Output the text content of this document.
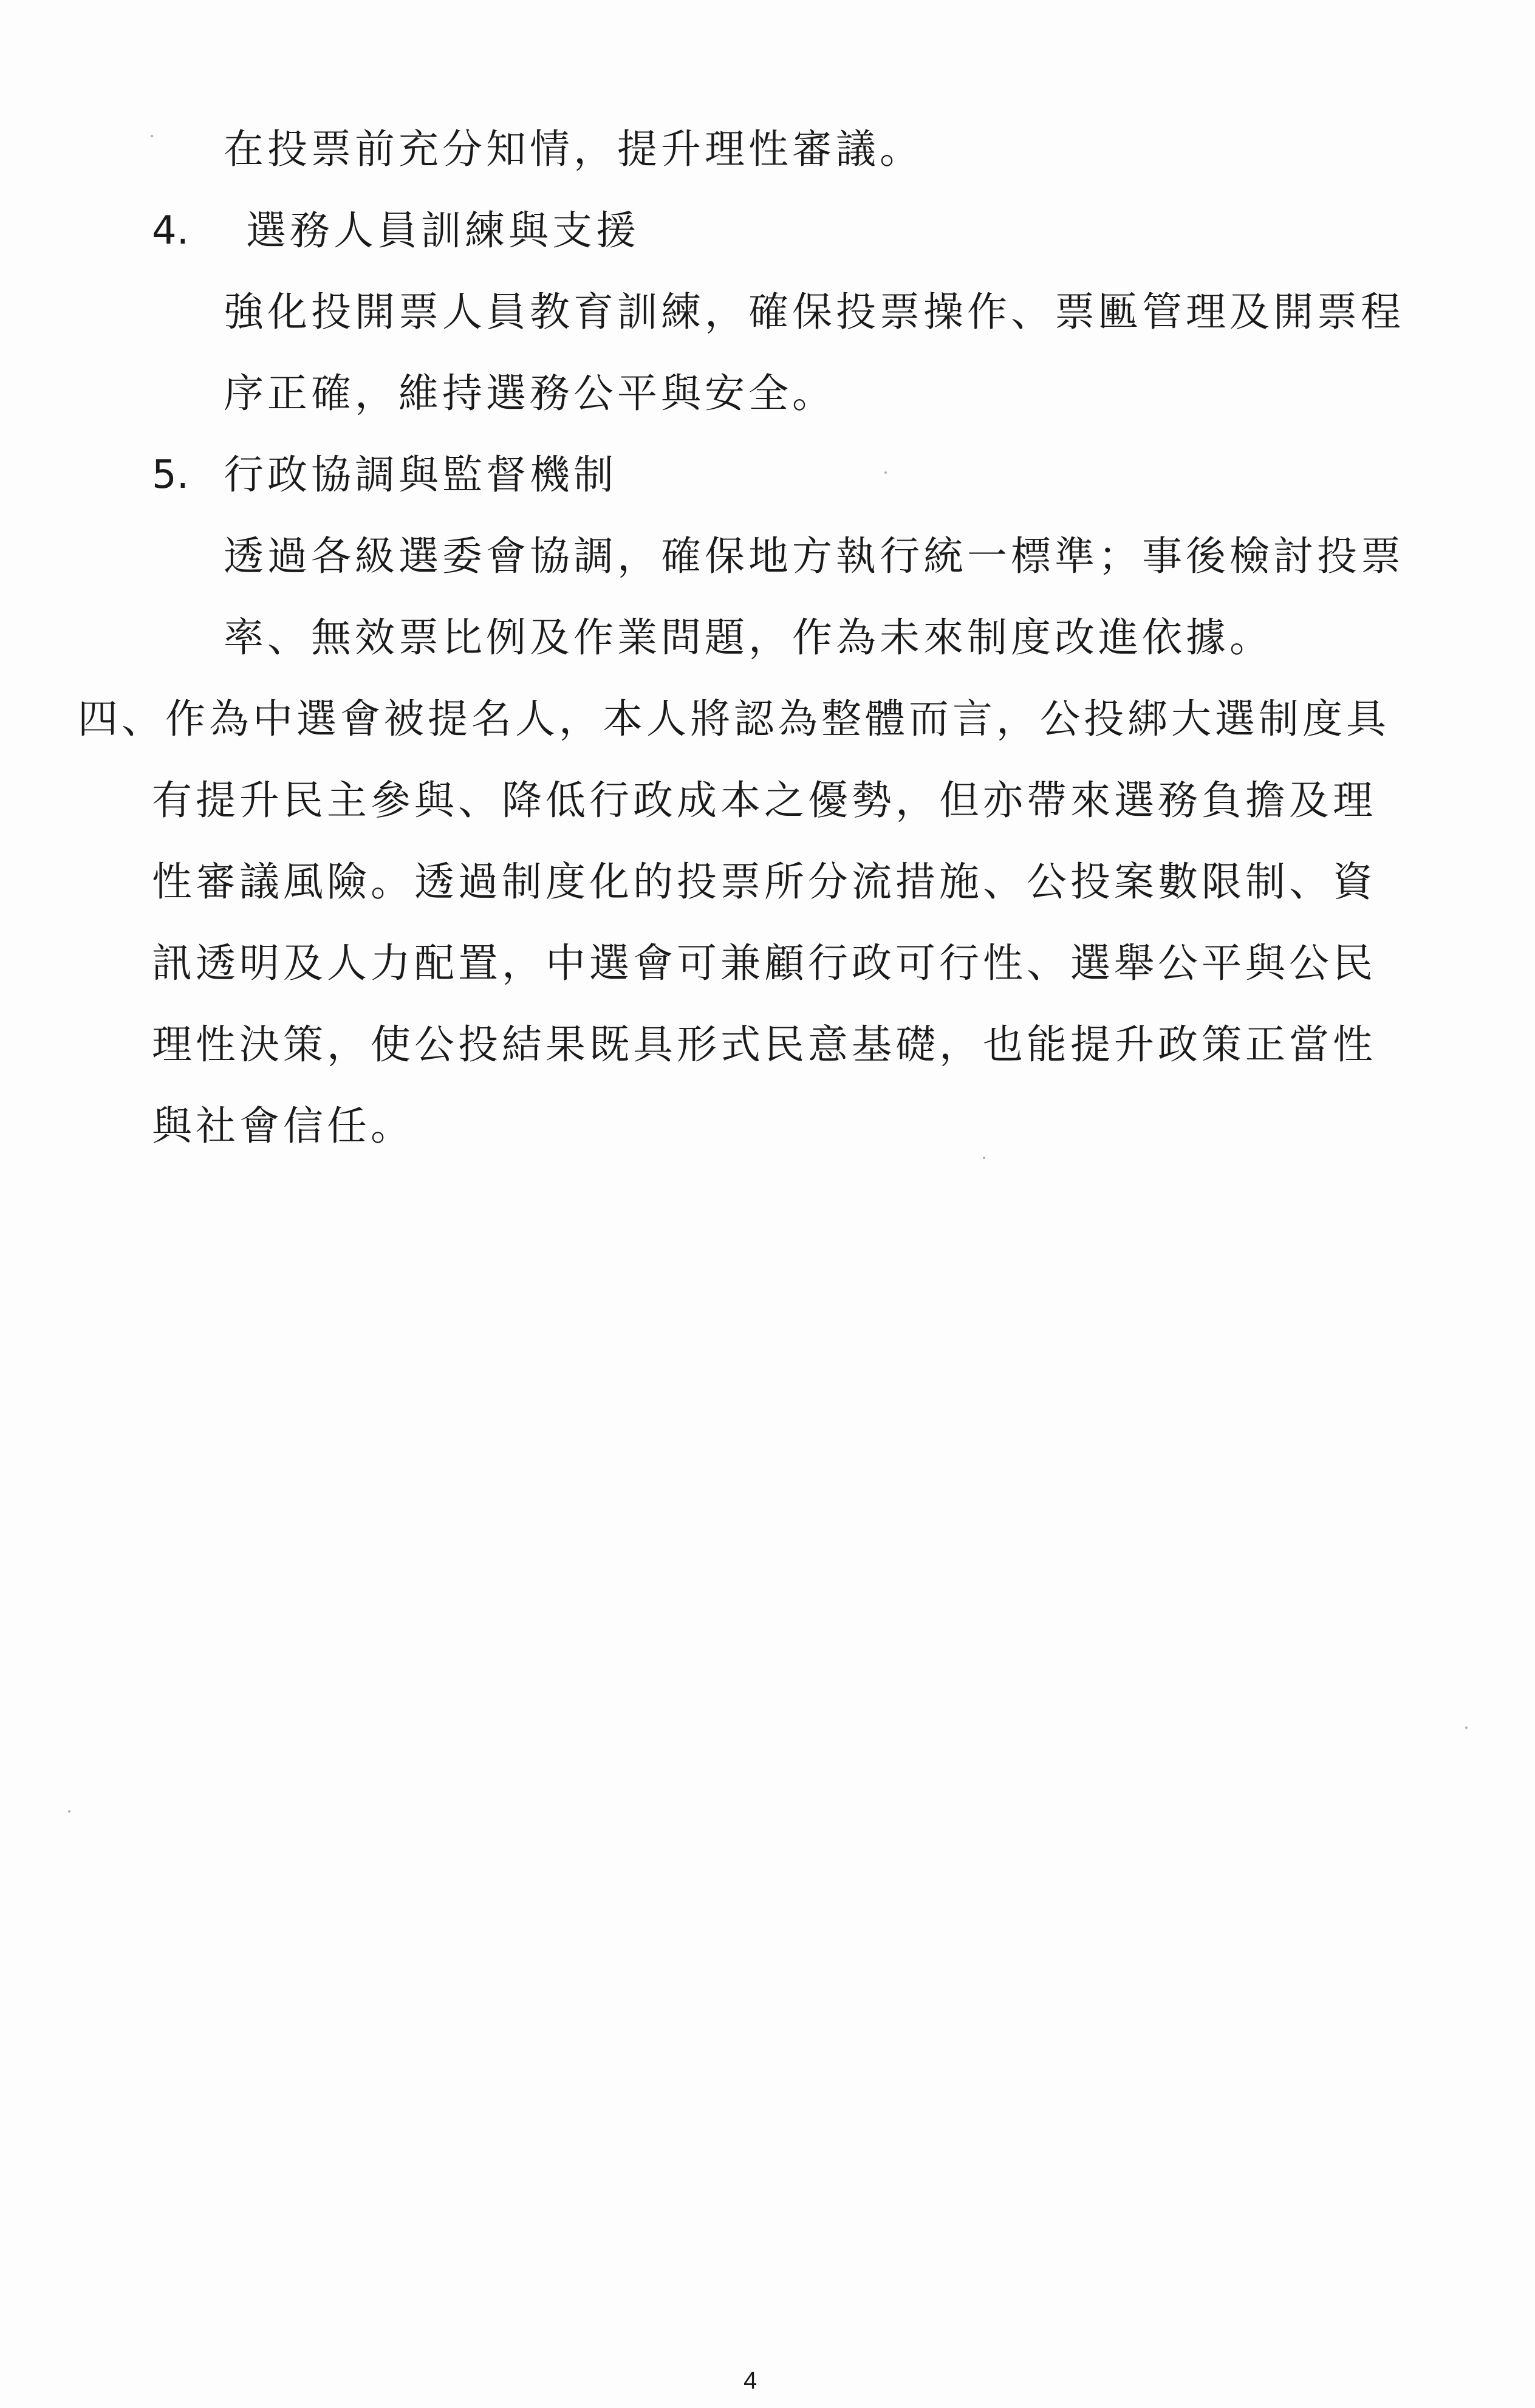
在投票前充分知情，提升理性審議。
4. 選務人員訓練與支援
強化投開票人員教育訓練，確保投票操作、票匭管理及開票程
序正確，維持選務公平與安全。
5. 行政協調與監督機制
透過各級選委會協調，確保地方執行統一標準；事後檢討投票
率、無效票比例及作業問題，作為未來制度改進依據。
四、作為中選會被提名人，本人將認為整體而言，公投綁大選制度具
有提升民主參與、降低行政成本之優勢，但亦帶來選務負擔及理
性審議風險。透過制度化的投票所分流措施、公投案數限制、資
訊透明及人力配置，中選會可兼顧行政可行性、選舉公平與公民
理性決策，使公投結果既具形式民意基礎，也能提升政策正當性
與社會信任。
4
